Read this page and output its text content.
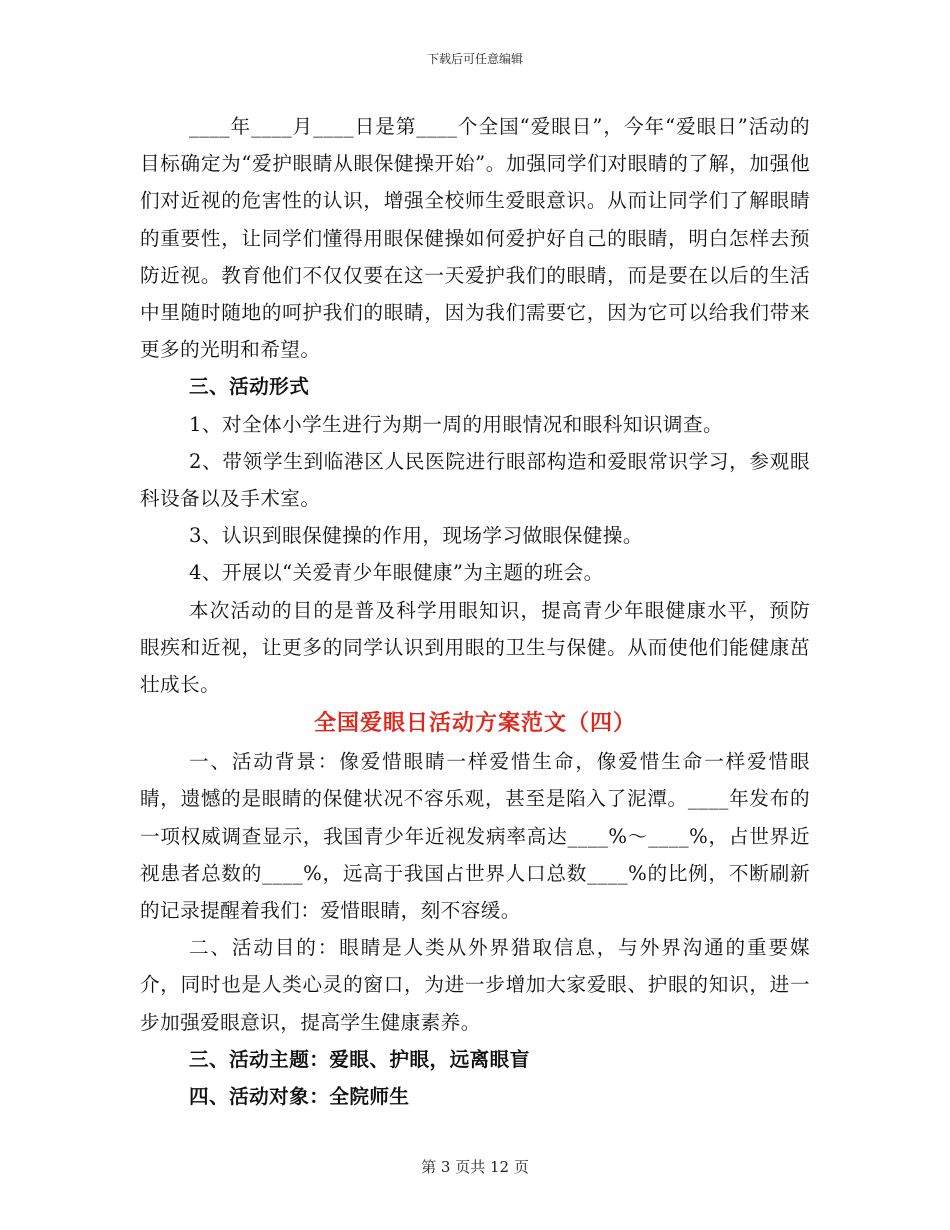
下载后可任意编辑

____年____月____日是第____个全国“爱眼日”，今年“爱眼日”活动的目标确定为“爱护眼睛从眼保健操开始”。加强同学们对眼睛的了解，加强他们对近视的危害性的认识，增强全校师生爱眼意识。从而让同学们了解眼睛的重要性，让同学们懂得用眼保健操如何爱护好自己的眼睛，明白怎样去预防近视。教育他们不仅仅要在这一天爱护我们的眼睛，而是要在以后的生活中里随时随地的呵护我们的眼睛，因为我们需要它，因为它可以给我们带来更多的光明和希望。

三、活动形式

1、对全体小学生进行为期一周的用眼情况和眼科知识调查。

2、带领学生到临港区人民医院进行眼部构造和爱眼常识学习，参观眼科设备以及手术室。

3、认识到眼保健操的作用，现场学习做眼保健操。

4、开展以“关爱青少年眼健康”为主题的班会。

本次活动的目的是普及科学用眼知识，提高青少年眼健康水平，预防眼疾和近视，让更多的同学认识到用眼的卫生与保健。从而使他们能健康茁壮成长。

全国爱眼日活动方案范文（四）

一、活动背景：像爱惜眼睛一样爱惜生命，像爱惜生命一样爱惜眼睛，遗憾的是眼睛的保健状况不容乐观，甚至是陷入了泥潭。____年发布的一项权威调查显示，我国青少年近视发病率高达____%～____%，占世界近视患者总数的____%，远高于我国占世界人口总数____%的比例，不断刷新的记录提醒着我们：爱惜眼睛，刻不容缓。

二、活动目的：眼睛是人类从外界猎取信息，与外界沟通的重要媒介，同时也是人类心灵的窗口，为进一步增加大家爱眼、护眼的知识，进一步加强爱眼意识，提高学生健康素养。

三、活动主题：爱眼、护眼，远离眼盲

四、活动对象：全院师生

第 3 页共 12 页
